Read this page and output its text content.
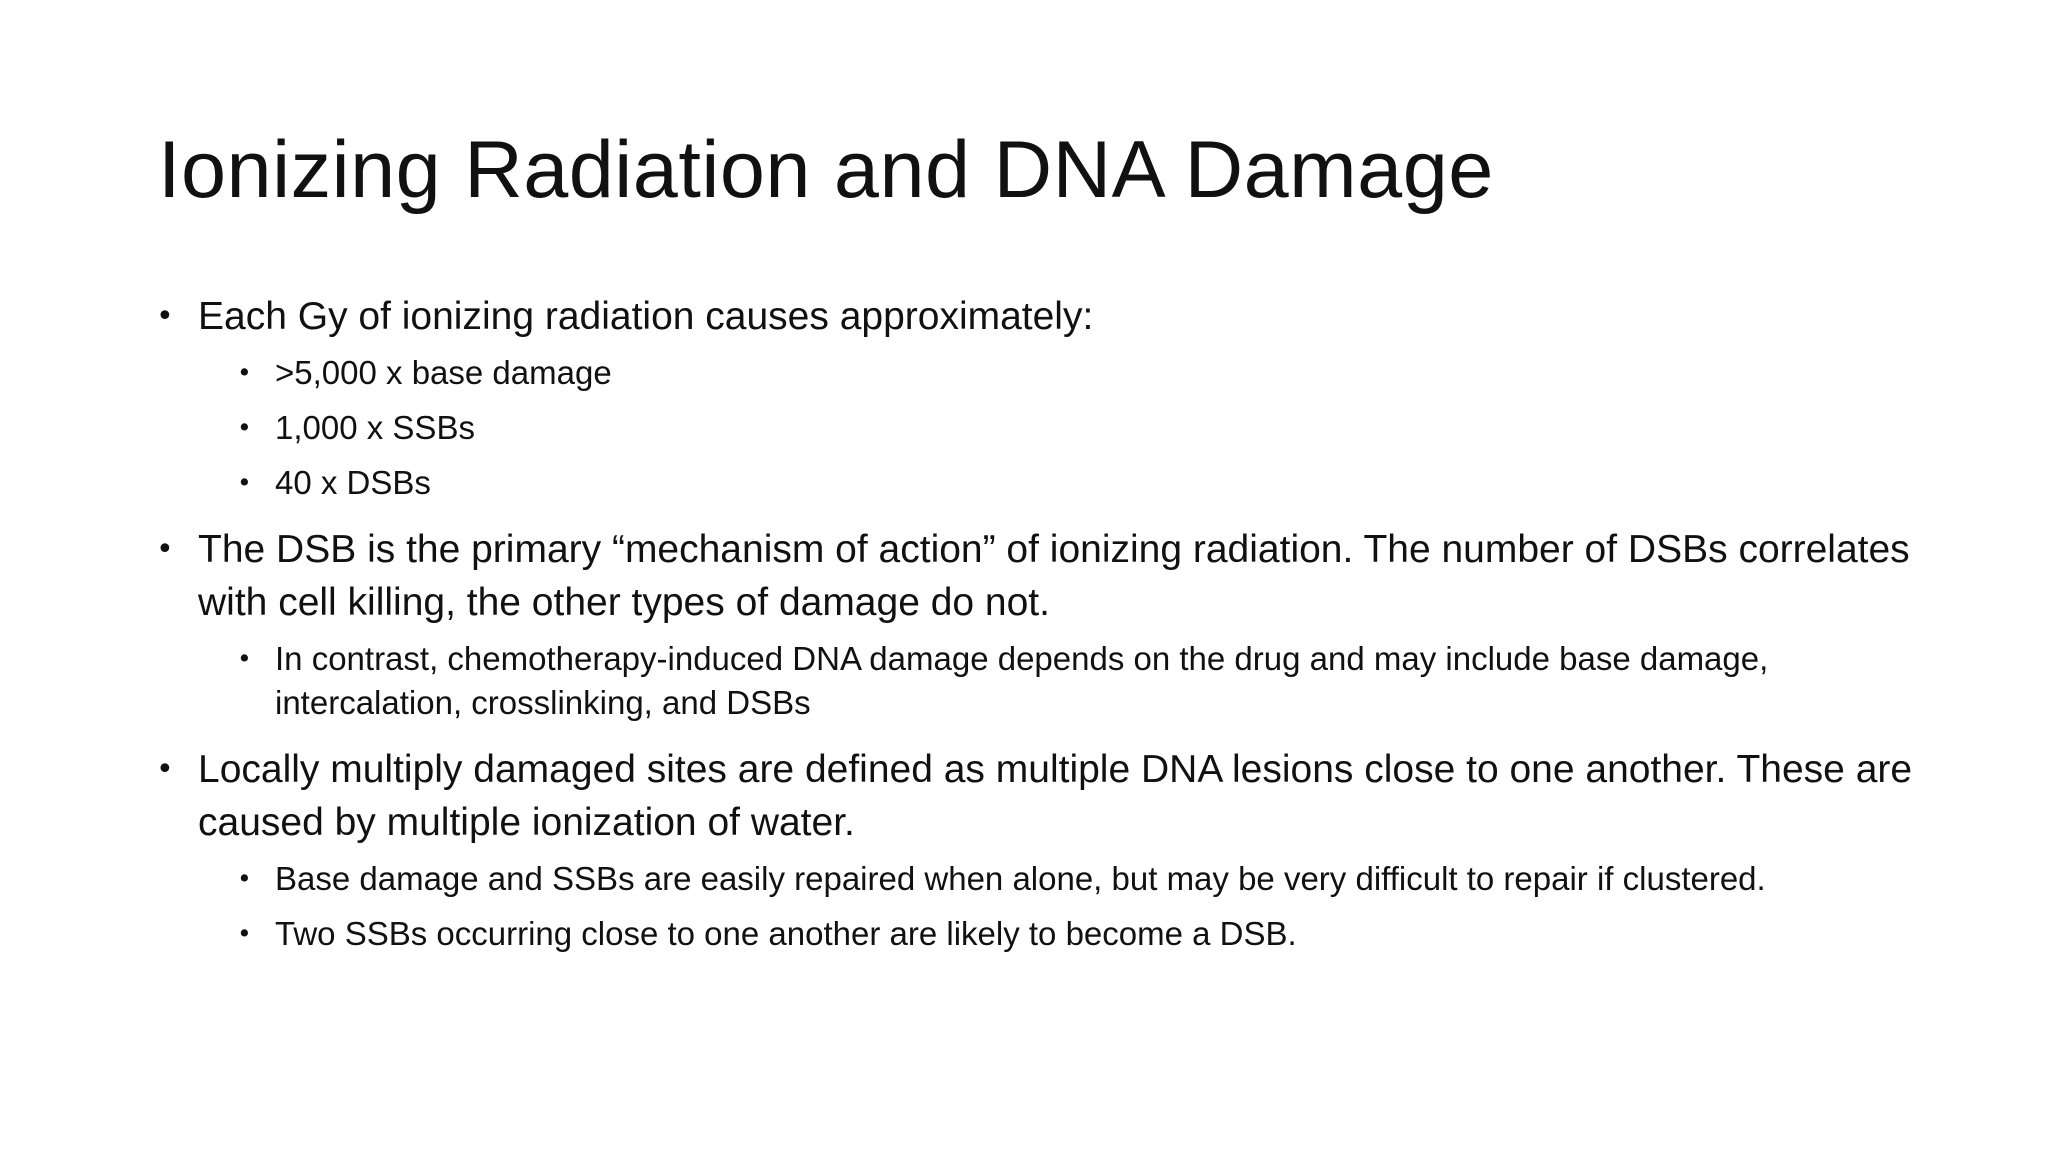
Ionizing Radiation and DNA Damage
• Each Gy of ionizing radiation causes approximately:
• >5,000 x base damage
• 1,000 x SSBs
• 40 x DSBs
• The DSB is the primary “mechanism of action” of ionizing radiation. The number of DSBs correlates with cell killing, the other types of damage do not.
• In contrast, chemotherapy-induced DNA damage depends on the drug and may include base damage, intercalation, crosslinking, and DSBs
• Locally multiply damaged sites are defined as multiple DNA lesions close to one another. These are caused by multiple ionization of water.
• Base damage and SSBs are easily repaired when alone, but may be very difficult to repair if clustered.
• Two SSBs occurring close to one another are likely to become a DSB.
